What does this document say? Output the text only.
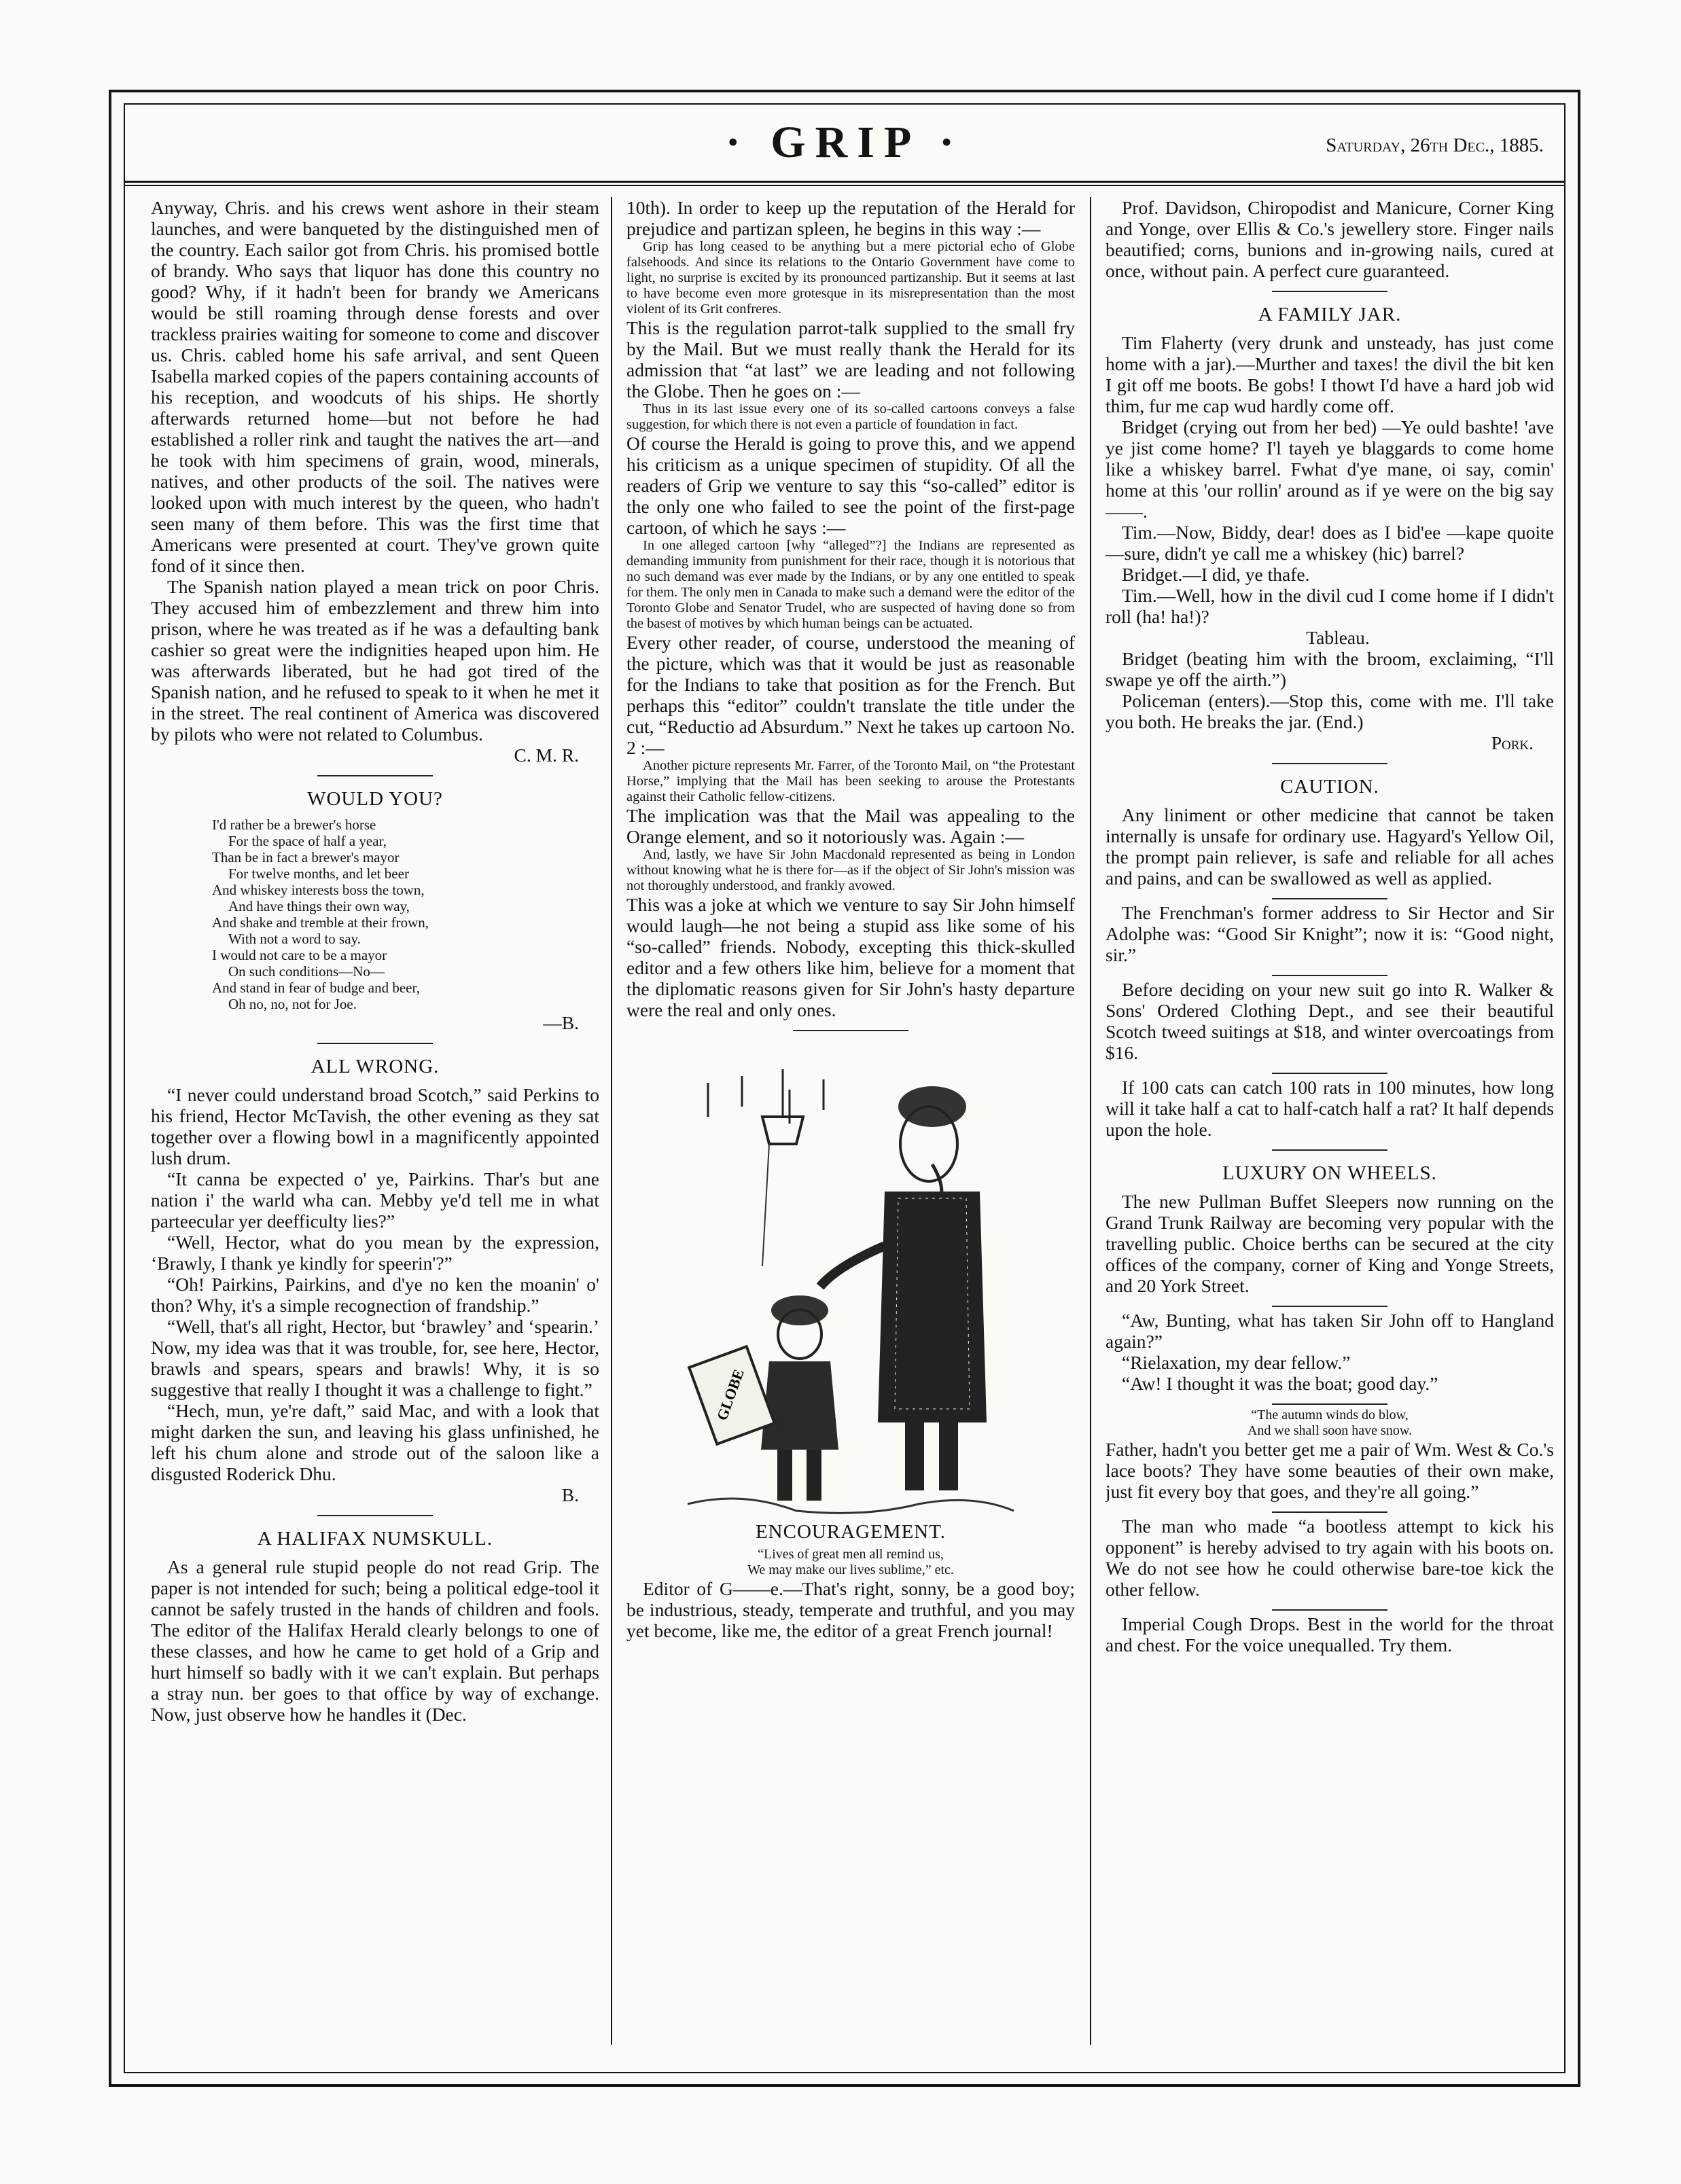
· GRIP ·	Saturday, 26th Dec., 1885.

Anyway, Chris. and his crews went ashore in their steam launches, and were banqueted by the distinguished men of the country. Each sailor got from Chris. his promised bottle of brandy. Who says that liquor has done this country no good? Why, if it hadn't been for brandy we Americans would be still roaming through dense forests and over trackless prairies waiting for someone to come and discover us. Chris. cabled home his safe arrival, and sent Queen Isabella marked copies of the papers containing accounts of his reception, and woodcuts of his ships. He shortly afterwards returned home—but not before he had established a roller rink and taught the natives the art—and he took with him specimens of grain, wood, minerals, natives, and other products of the soil. The natives were looked upon with much interest by the queen, who hadn't seen many of them before. This was the first time that Americans were presented at court. They've grown quite fond of it since then.

The Spanish nation played a mean trick on poor Chris. They accused him of embezzlement and threw him into prison, where he was treated as if he was a defaulting bank cashier so great were the indignities heaped upon him. He was afterwards liberated, but he had got tired of the Spanish nation, and he refused to speak to it when he met it in the street. The real continent of America was discovered by pilots who were not related to Columbus.

C. M. R.

WOULD YOU?
I'd rather be a brewer's horse
For the space of half a year,
Than be in fact a brewer's mayor
For twelve months, and let beer
And whiskey interests boss the town,
And have things their own way,
And shake and tremble at their frown,
With not a word to say.
I would not care to be a mayor
On such conditions—No—
And stand in fear of budge and beer,
Oh no, no, not for Joe.

—B.

ALL WRONG.

“I never could understand broad Scotch,” said Perkins to his friend, Hector McTavish, the other evening as they sat together over a flowing bowl in a magnificently appointed lush drum.

“It canna be expected o' ye, Pairkins. Thar's but ane nation i' the warld wha can. Mebby ye'd tell me in what parteecular yer deefficulty lies?”

“Well, Hector, what do you mean by the expression, ‘Brawly, I thank ye kindly for speerin'?”

“Oh! Pairkins, Pairkins, and d'ye no ken the moanin' o' thon? Why, it's a simple recognection of frandship.”

“Well, that's all right, Hector, but ‘brawley’ and ‘spearin.’ Now, my idea was that it was trouble, for, see here, Hector, brawls and spears, spears and brawls! Why, it is so suggestive that really I thought it was a challenge to fight.”

“Hech, mun, ye're daft,” said Mac, and with a look that might darken the sun, and leaving his glass unfinished, he left his chum alone and strode out of the saloon like a disgusted Roderick Dhu.

B.

A HALIFAX NUMSKULL.

As a general rule stupid people do not read Grip. The paper is not intended for such; being a political edge-tool it cannot be safely trusted in the hands of children and fools. The editor of the Halifax Herald clearly belongs to one of these classes, and how he came to get hold of a Grip and hurt himself so badly with it we can't explain. But perhaps a stray nun. ber goes to that office by way of exchange. Now, just observe how he handles it (Dec.

10th). In order to keep up the reputation of the Herald for prejudice and partizan spleen, he begins in this way :—

Grip has long ceased to be anything but a mere pictorial echo of Globe falsehoods. And since its relations to the Ontario Government have come to light, no surprise is excited by its pronounced partizanship. But it seems at last to have become even more grotesque in its misrepresentation than the most violent of its Grit confreres.

This is the regulation parrot-talk supplied to the small fry by the Mail. But we must really thank the Herald for its admission that “at last” we are leading and not following the Globe. Then he goes on :—

Thus in its last issue every one of its so-called cartoons conveys a false suggestion, for which there is not even a particle of foundation in fact.

Of course the Herald is going to prove this, and we append his criticism as a unique specimen of stupidity. Of all the readers of Grip we venture to say this “so-called” editor is the only one who failed to see the point of the first-page cartoon, of which he says :—

In one alleged cartoon [why “alleged”?] the Indians are represented as demanding immunity from punishment for their race, though it is notorious that no such demand was ever made by the Indians, or by any one entitled to speak for them. The only men in Canada to make such a demand were the editor of the Toronto Globe and Senator Trudel, who are suspected of having done so from the basest of motives by which human beings can be actuated.

Every other reader, of course, understood the meaning of the picture, which was that it would be just as reasonable for the Indians to take that position as for the French. But perhaps this “editor” couldn't translate the title under the cut, “Reductio ad Absurdum.” Next he takes up cartoon No. 2 :—

Another picture represents Mr. Farrer, of the Toronto Mail, on “the Protestant Horse,” implying that the Mail has been seeking to arouse the Protestants against their Catholic fellow-citizens.

The implication was that the Mail was appealing to the Orange element, and so it notoriously was. Again :—

And, lastly, we have Sir John Macdonald represented as being in London without knowing what he is there for—as if the object of Sir John's mission was not thoroughly understood, and frankly avowed.

This was a joke at which we venture to say Sir John himself would laugh—he not being a stupid ass like some of his “so-called” friends. Nobody, excepting this thick-skulled editor and a few others like him, believe for a moment that the diplomatic reasons given for Sir John's hasty departure were the real and only ones.

GLOBE
ENCOURAGEMENT.
“Lives of great men all remind us,
We may make our lives sublime,” etc.

Editor of G——e.—That's right, sonny, be a good boy; be industrious, steady, temperate and truthful, and you may yet become, like me, the editor of a great French journal!

Prof. Davidson, Chiropodist and Manicure, Corner King and Yonge, over Ellis & Co.'s jewellery store. Finger nails beautified; corns, bunions and in-growing nails, cured at once, without pain. A perfect cure guaranteed.

A FAMILY JAR.

Tim Flaherty (very drunk and unsteady, has just come home with a jar).—Murther and taxes! the divil the bit ken I git off me boots. Be gobs! I thowt I'd have a hard job wid thim, fur me cap wud hardly come off.

Bridget (crying out from her bed) —Ye ould bashte! 'ave ye jist come home? I'l tayeh ye blaggards to come home like a whiskey barrel. Fwhat d'ye mane, oi say, comin' home at this 'our rollin' around as if ye were on the big say——.

Tim.—Now, Biddy, dear! does as I bid'ee —kape quoite—sure, didn't ye call me a whiskey (hic) barrel?

Bridget.—I did, ye thafe.

Tim.—Well, how in the divil cud I come home if I didn't roll (ha! ha!)?

Tableau.

Bridget (beating him with the broom, exclaiming, “I'll swape ye off the airth.”)

Policeman (enters).—Stop this, come with me. I'll take you both. He breaks the jar. (End.)

Pork.

CAUTION.

Any liniment or other medicine that cannot be taken internally is unsafe for ordinary use. Hagyard's Yellow Oil, the prompt pain reliever, is safe and reliable for all aches and pains, and can be swallowed as well as applied.

The Frenchman's former address to Sir Hector and Sir Adolphe was: “Good Sir Knight”; now it is: “Good night, sir.”

Before deciding on your new suit go into R. Walker & Sons' Ordered Clothing Dept., and see their beautiful Scotch tweed suitings at $18, and winter overcoatings from $16.

If 100 cats can catch 100 rats in 100 minutes, how long will it take half a cat to half-catch half a rat? It half depends upon the hole.

LUXURY ON WHEELS.

The new Pullman Buffet Sleepers now running on the Grand Trunk Railway are becoming very popular with the travelling public. Choice berths can be secured at the city offices of the company, corner of King and Yonge Streets, and 20 York Street.

“Aw, Bunting, what has taken Sir John off to Hangland again?”

“Rielaxation, my dear fellow.”

“Aw! I thought it was the boat; good day.”

“The autumn winds do blow,
And we shall soon have snow.

Father, hadn't you better get me a pair of Wm. West & Co.'s lace boots? They have some beauties of their own make, just fit every boy that goes, and they're all going.”

The man who made “a bootless attempt to kick his opponent” is hereby advised to try again with his boots on. We do not see how he could otherwise bare-toe kick the other fellow.

Imperial Cough Drops. Best in the world for the throat and chest. For the voice unequalled. Try them.
